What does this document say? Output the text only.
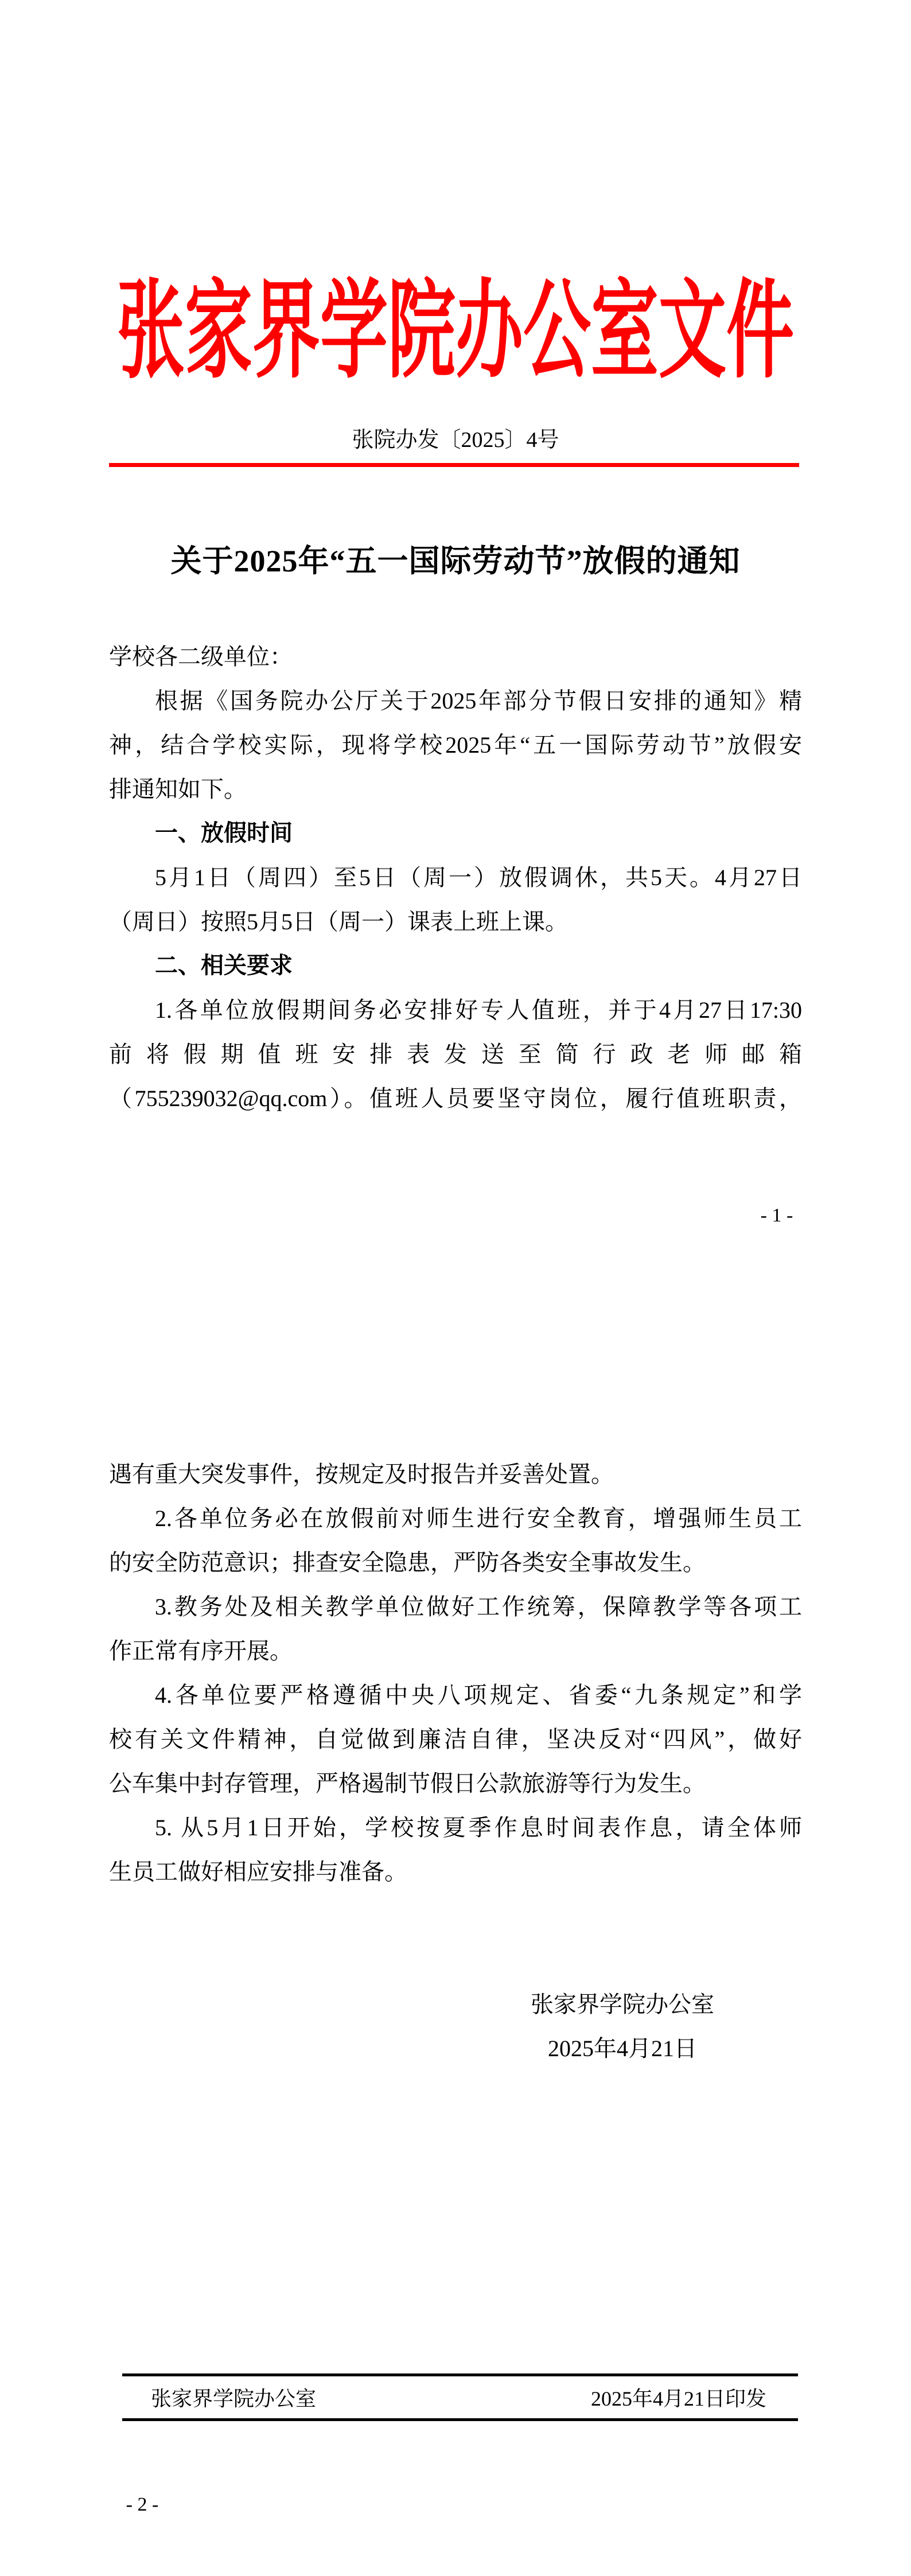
张家界学院办公室文件
张院办发〔2025〕4号
关于2025年“五一国际劳动节”放假的通知
学校各二级单位：
根据《国务院办公厅关于2025年部分节假日安排的通知》精
神，结合学校实际，现将学校2025年“五一国际劳动节”放假安
排通知如下。
一、放假时间
5月1日（周四）至5日（周一）放假调休，共5天。4月27日
（周日）按照5月5日（周一）课表上班上课。
二、相关要求
1.各单位放假期间务必安排好专人值班，并于4月27日17:30
前将假期值班安排表发送至简行政老师邮箱
（755239032@qq.com）。值班人员要坚守岗位，履行值班职责，
- 1 -
遇有重大突发事件，按规定及时报告并妥善处置。
2.各单位务必在放假前对师生进行安全教育，增强师生员工
的安全防范意识；排查安全隐患，严防各类安全事故发生。
3.教务处及相关教学单位做好工作统筹，保障教学等各项工
作正常有序开展。
4.各单位要严格遵循中央八项规定、省委“九条规定”和学
校有关文件精神，自觉做到廉洁自律，坚决反对“四风”，做好
公车集中封存管理，严格遏制节假日公款旅游等行为发生。
5. 从5月1日开始，学校按夏季作息时间表作息，请全体师
生员工做好相应安排与准备。
张家界学院办公室
2025年4月21日
张家界学院办公室	2025年4月21日印发
- 2 -
